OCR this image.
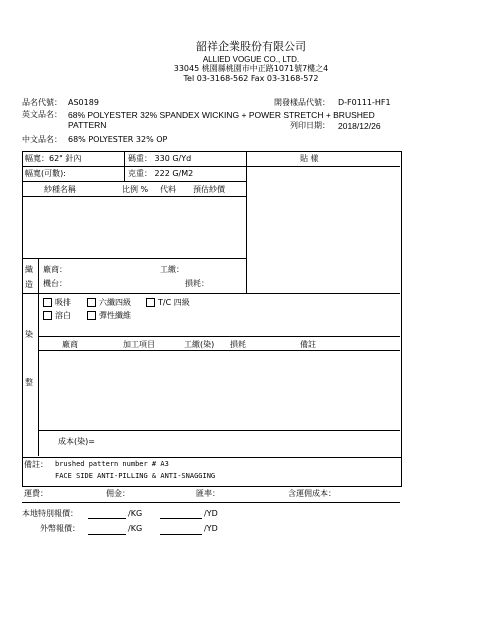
韶祥企業股份有限公司
ALLIED VOGUE CO., LTD.
33045 桃園縣桃園市中正路1071號7樓之4
Tel 03-3168-562 Fax 03-3168-572
品名代號： AS0189	開發樣品代號： D-F0111-HF1
英文品名： 68% POLYESTER 32% SPANDEX WICKING + POWER STRETCH + BRUSHED
PATTERN	列印日期： 2018/12/26
中文品名： 68% POLYESTER 32% OP
幅寬：62" 針內	碼重： 330 G/Yd	貼 樣
幅寬(可數):	克重： 222 G/M2
紗種名稱	比例 % 代料 預估紗價
織
造
廠商：	工繳：
機台：	損耗：
吸排	六纖四級	T/C 四級
溶白	彈性纖維
染
整
廠商	加工項目	工繳(染) 損耗	備註
成本(染)=
備註： brushed pattern number # A3
FACE SIDE ANTI-PILLING & ANTI-SNAGGING
運費：	佣金：	匯率：	含運佣成本：
本地特別報價：	/KG	/YD
外幣報價：	/KG	/YD
